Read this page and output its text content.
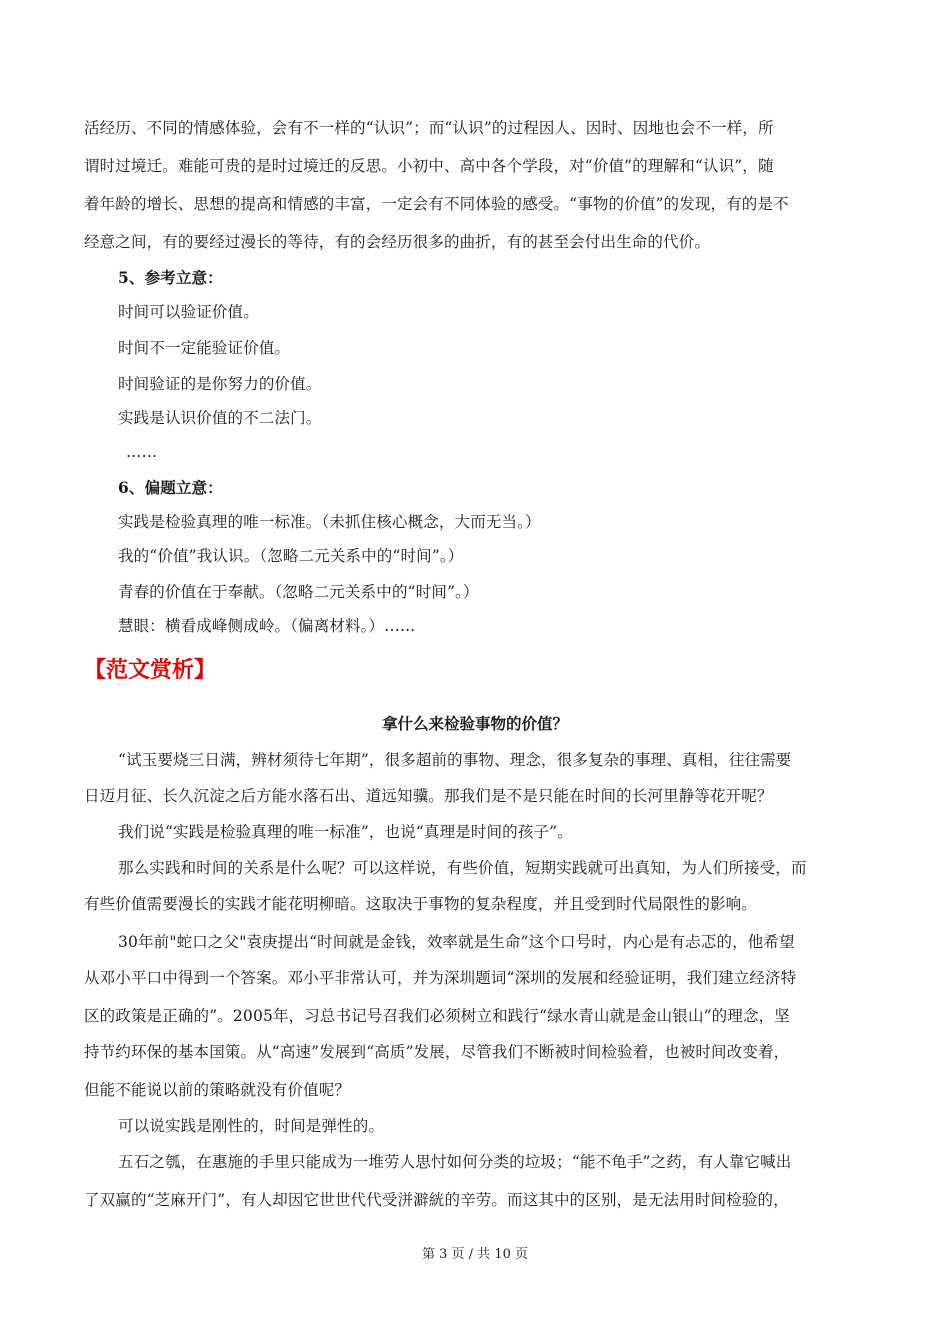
活经历、不同的情感体验，会有不一样的“认识”；而“认识”的过程因人、因时、因地也会不一样，所
谓时过境迁。难能可贵的是时过境迁的反思。小初中、高中各个学段，对“价值”的理解和“认识”，随
着年龄的增长、思想的提高和情感的丰富，一定会有不同体验的感受。“事物的价值”的发现，有的是不
经意之间，有的要经过漫长的等待，有的会经历很多的曲折，有的甚至会付出生命的代价。
5、参考立意：
时间可以验证价值。
时间不一定能验证价值。
时间验证的是你努力的价值。
实践是认识价值的不二法门。
……
6、偏题立意：
实践是检验真理的唯一标准。（未抓住核心概念，大而无当。）
我的“价值”我认识。（忽略二元关系中的“时间”。）
青春的价值在于奉献。（忽略二元关系中的“时间”。）
慧眼：横看成峰侧成岭。（偏离材料。）……
【范文赏析】
拿什么来检验事物的价值？
“试玉要烧三日满，辨材须待七年期”，很多超前的事物、理念，很多复杂的事理、真相，往往需要
日迈月征、长久沉淀之后方能水落石出、道远知骥。那我们是不是只能在时间的长河里静等花开呢？
我们说“实践是检验真理的唯一标准”，也说“真理是时间的孩子”。
那么实践和时间的关系是什么呢？可以这样说，有些价值，短期实践就可出真知，为人们所接受，而
有些价值需要漫长的实践才能花明柳暗。这取决于事物的复杂程度，并且受到时代局限性的影响。
30年前"蛇口之父"袁庚提出“时间就是金钱，效率就是生命”这个口号时，内心是有忐忑的，他希望
从邓小平口中得到一个答案。邓小平非常认可，并为深圳题词“深圳的发展和经验证明，我们建立经济特
区的政策是正确的”。2005年，习总书记号召我们必须树立和践行“绿水青山就是金山银山”的理念，坚
持节约环保的基本国策。从“高速”发展到“高质”发展，尽管我们不断被时间检验着，也被时间改变着，
但能不能说以前的策略就没有价值呢？
可以说实践是刚性的，时间是弹性的。
五石之瓠，在惠施的手里只能成为一堆劳人思忖如何分类的垃圾；“能不龟手”之药，有人靠它喊出
了双赢的“芝麻开门”，有人却因它世世代代受洴澼絖的辛劳。而这其中的区别，是无法用时间检验的，
第 3 页 / 共 10 页
